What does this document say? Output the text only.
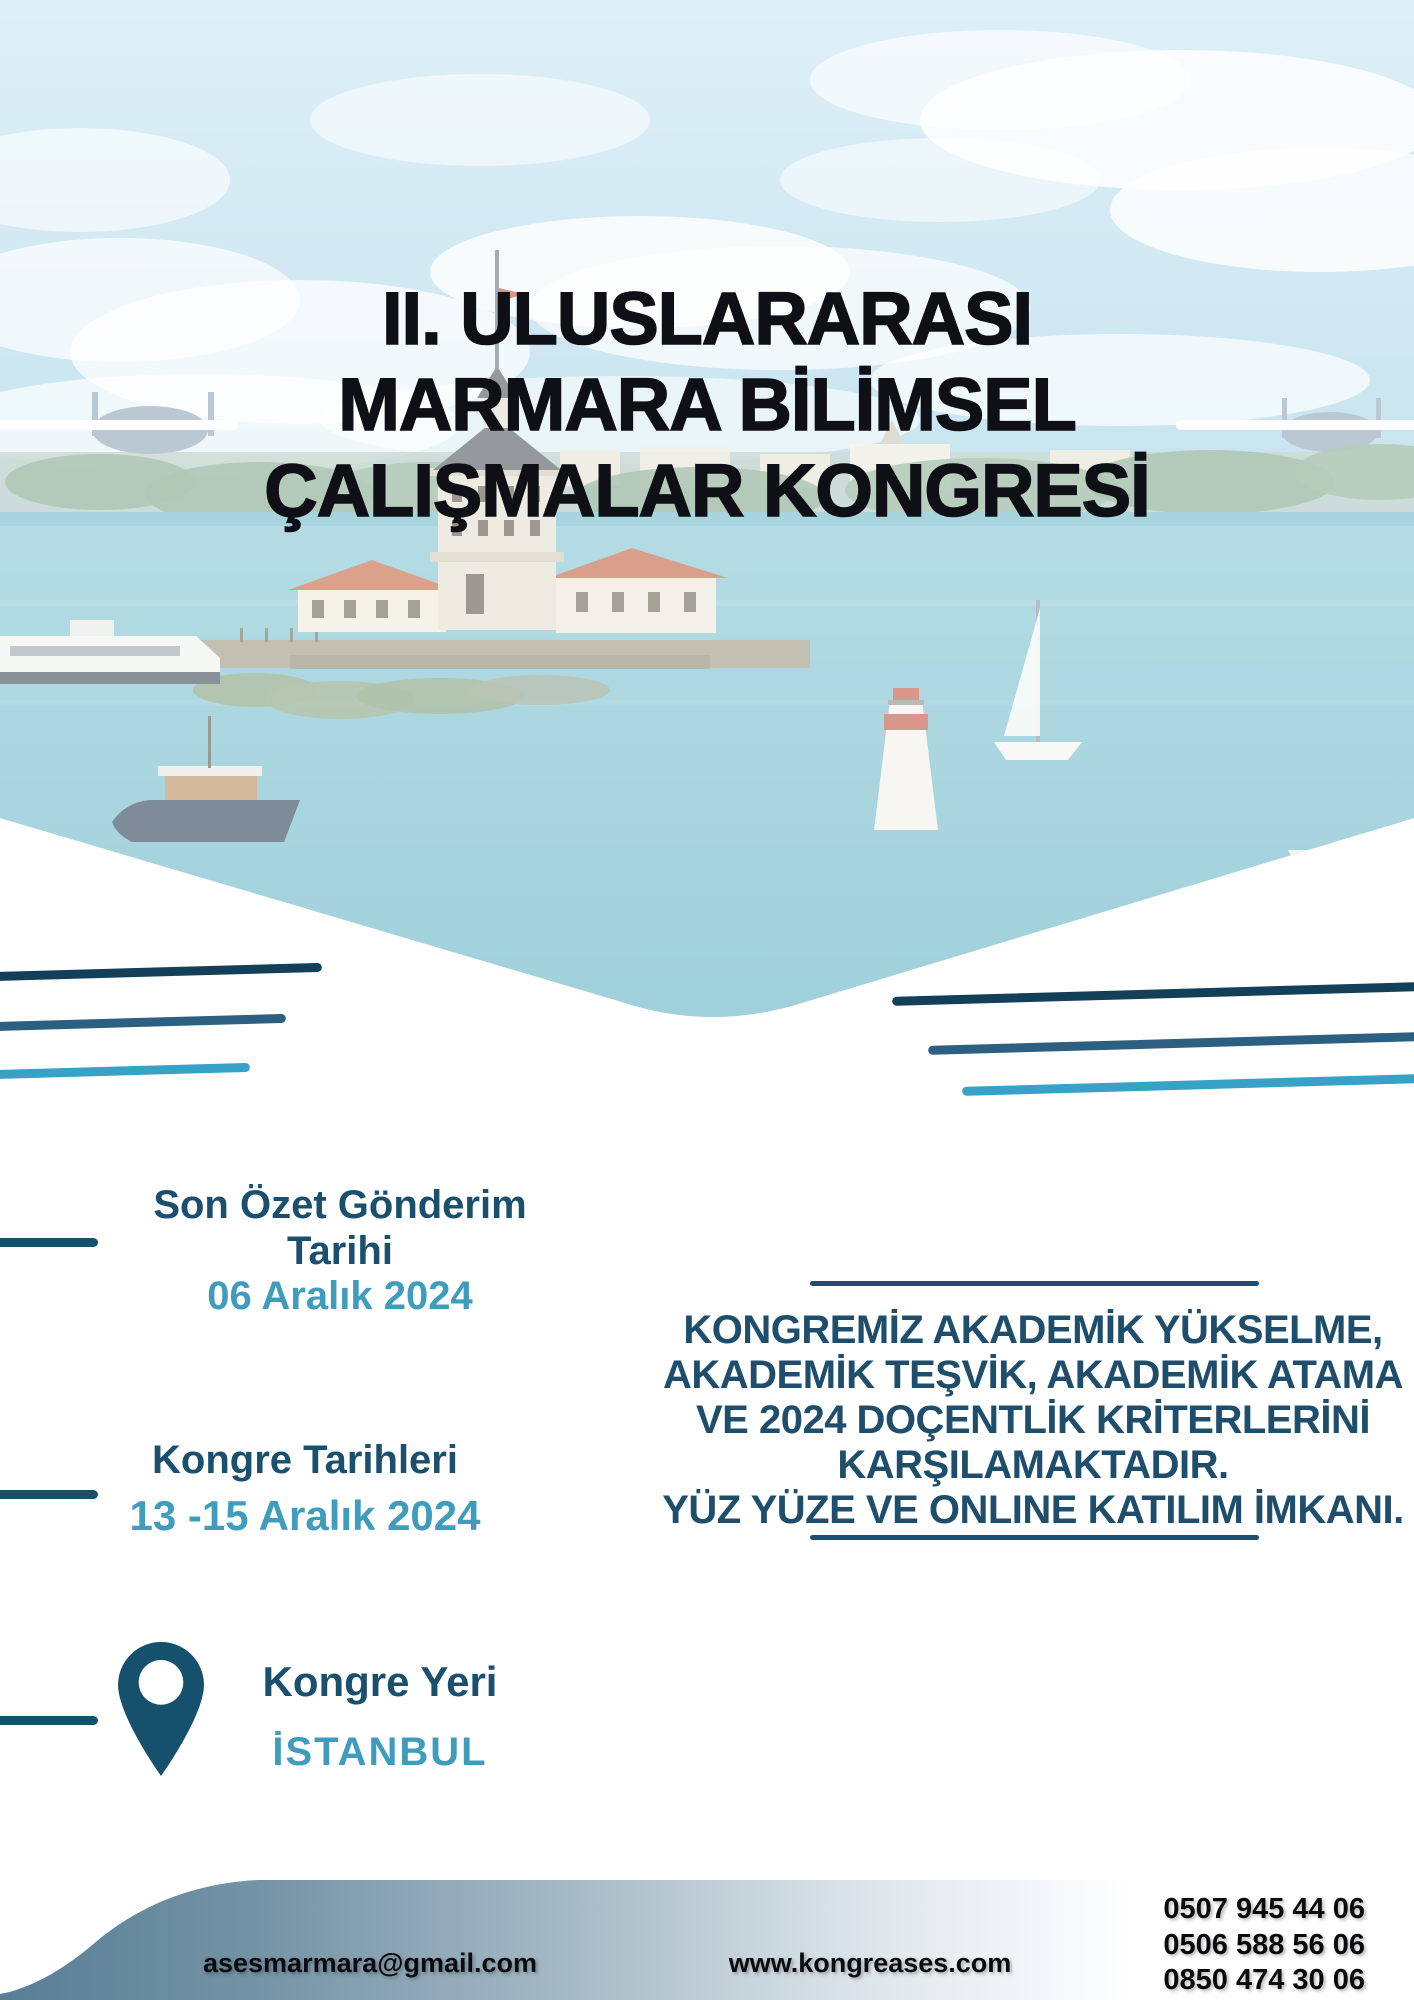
II. ULUSLARARASI
MARMARA BİLİMSEL
ÇALIŞMALAR KONGRESİ
Son Özet Gönderim
Tarihi
06 Aralık 2024
Kongre Tarihleri
13 -15 Aralık 2024
Kongre Yeri
İSTANBUL
KONGREMİZ AKADEMİK YÜKSELME,
AKADEMİK TEŞVİK, AKADEMİK ATAMA
VE 2024 DOÇENTLİK KRİTERLERİNİ
KARŞILAMAKTADIR.
YÜZ YÜZE VE ONLINE KATILIM İMKANI.
asesmarmara@gmail.com	www.kongreases.com
0507 945 44 06
0506 588 56 06
0850 474 30 06
